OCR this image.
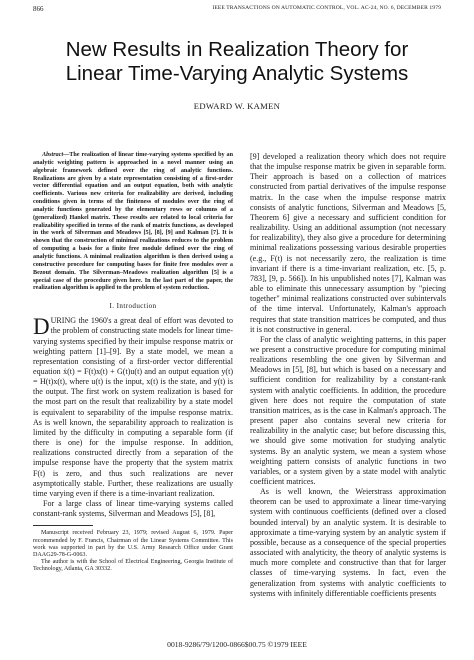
866	IEEE TRANSACTIONS ON AUTOMATIC CONTROL, VOL. AC-24, NO. 6, DECEMBER 1979
New Results in Realization Theory for
Linear Time-Varying Analytic Systems
EDWARD W. KAMEN

Abstract—The realization of linear time-varying systems specified by an analytic weighting pattern is approached in a novel manner using an algebraic framework defined over the ring of analytic functions. Realizations are given by a state representation consisting of a first-order vector differential equation and an output equation, both with analytic coefficients. Various new criteria for realizability are derived, including conditions given in terms of the finiteness of modules over the ring of analytic functions generated by the elementary rows or columns of a (generalized) Hankel matrix. These results are related to local criteria for realizability specified in terms of the rank of matrix functions, as developed in the work of Silverman and Meadows [5], [8], [9] and Kalman [7]. It is shown that the construction of minimal realizations reduces to the problem of computing a basis for a finite free module defined over the ring of analytic functions. A minimal realization algorithm is then derived using a constructive procedure for computing bases for finite free modules over a Bezout domain. The Silverman–Meadows realization algorithm [5] is a special case of the procedure given here. In the last part of the paper, the realization algorithm is applied to the problem of system reduction.

I. Introduction

DURING the 1960's a great deal of effort was devoted to the problem of constructing state models for linear time-varying systems specified by their impulse response matrix or weighting pattern [1]–[9]. By a state model, we mean a representation consisting of a first-order vector differential equation ẋ(t) = F(t)x(t) + G(t)u(t) and an output equation y(t) = H(t)x(t), where u(t) is the input, x(t) is the state, and y(t) is the output. The first work on system realization is based for the most part on the result that realizability by a state model is equivalent to separability of the impulse response matrix. As is well known, the separability approach to realization is limited by the difficulty in computing a separable form (if there is one) for the impulse response. In addition, realizations constructed directly from a separation of the impulse response have the property that the system matrix F(t) is zero, and thus such realizations are never asymptotically stable. Further, these realizations are usually time varying even if there is a time-invariant realization.

For a large class of linear time-varying systems called constant-rank systems, Silverman and Meadows [5], [8],

Manuscript received February 23, 1979; revised August 6, 1979. Paper recommended by F. Francis, Chairman of the Linear Systems Committee. This work was supported in part by the U.S. Army Research Office under Grant DAAG29-78-G-0063.

The author is with the School of Electrical Engineering, Georgia Institute of Technology, Atlanta, GA 30332.

[9] developed a realization theory which does not require that the impulse response matrix be given in separable form. Their approach is based on a collection of matrices constructed from partial derivatives of the impulse response matrix. In the case when the impulse response matrix consists of analytic functions, Silverman and Meadows [5, Theorem 6] give a necessary and sufficient condition for realizability. Using an additional assumption (not necessary for realizability), they also give a procedure for determining minimal realizations possessing various desirable properties (e.g., F(t) is not necessarily zero, the realization is time invariant if there is a time-invariant realization, etc. [5, p. 783], [9, p. 566]). In his unpublished notes [7], Kalman was able to eliminate this unnecessary assumption by "piecing together" minimal realizations constructed over subintervals of the time interval. Unfortunately, Kalman's approach requires that state transition matrices be computed, and thus it is not constructive in general.

For the class of analytic weighting patterns, in this paper we present a constructive procedure for computing minimal realizations resembling the one given by Silverman and Meadows in [5], [8], but which is based on a necessary and sufficient condition for realizability by a constant-rank system with analytic coefficients. In addition, the procedure given here does not require the computation of state transition matrices, as is the case in Kalman's approach. The present paper also contains several new criteria for realizability in the analytic case; but before discussing this, we should give some motivation for studying analytic systems. By an analytic system, we mean a system whose weighting pattern consists of analytic functions in two variables, or a system given by a state model with analytic coefficient matrices.

As is well known, the Weierstrass approximation theorem can be used to approximate a linear time-varying system with continuous coefficients (defined over a closed bounded interval) by an analytic system. It is desirable to approximate a time-varying system by an analytic system if possible, because as a consequence of the special properties associated with analyticity, the theory of analytic systems is much more complete and constructive than that for larger classes of time-varying systems. In fact, even the generalization from systems with analytic coefficients to systems with infinitely differentiable coefficients presents

0018-9286/79/1200-0866$00.75 ©1979 IEEE
